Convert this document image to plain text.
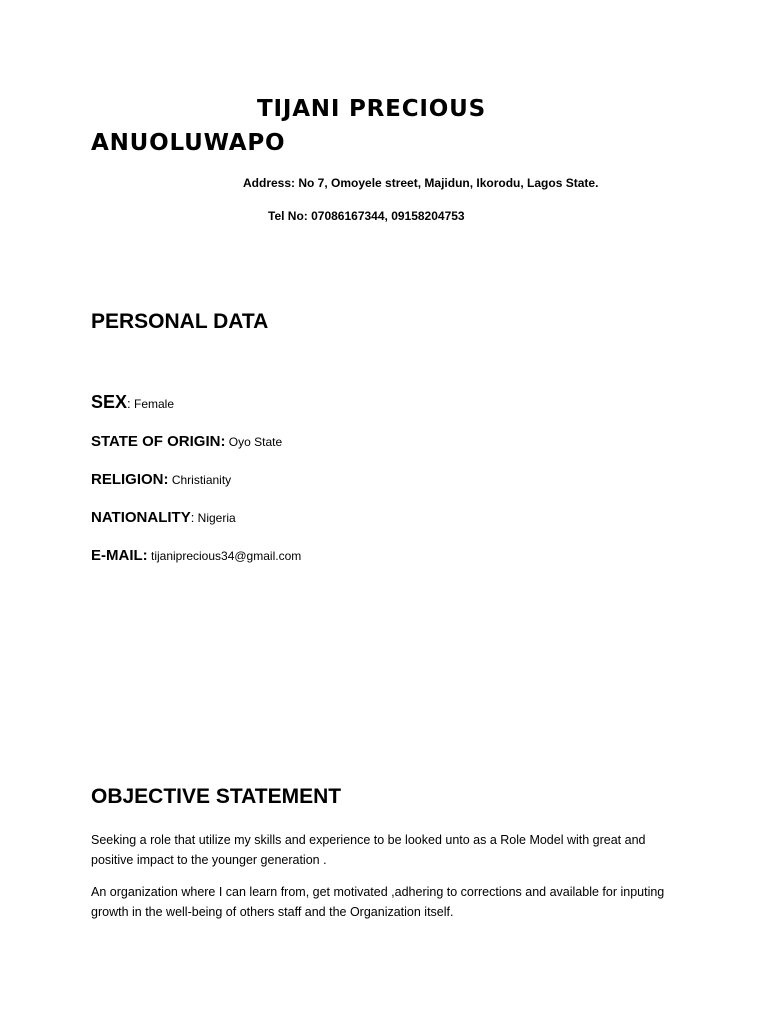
TIJANI PRECIOUS ANUOLUWAPO

Address: No 7, Omoyele street, Majidun, Ikorodu, Lagos State.

Tel No: 07086167344, 09158204753

PERSONAL DATA

SEX: Female

STATE OF ORIGIN: Oyo State

RELIGION: Christianity

NATIONALITY: Nigeria

E-MAIL: tijaniprecious34@gmail.com

OBJECTIVE STATEMENT

Seeking a role that utilize my skills and experience to be looked unto as a Role Model with great and positive impact to the younger generation .

An organization where I can learn from, get motivated ,adhering to corrections and available for inputing growth in the well-being of others staff and the Organization itself.
